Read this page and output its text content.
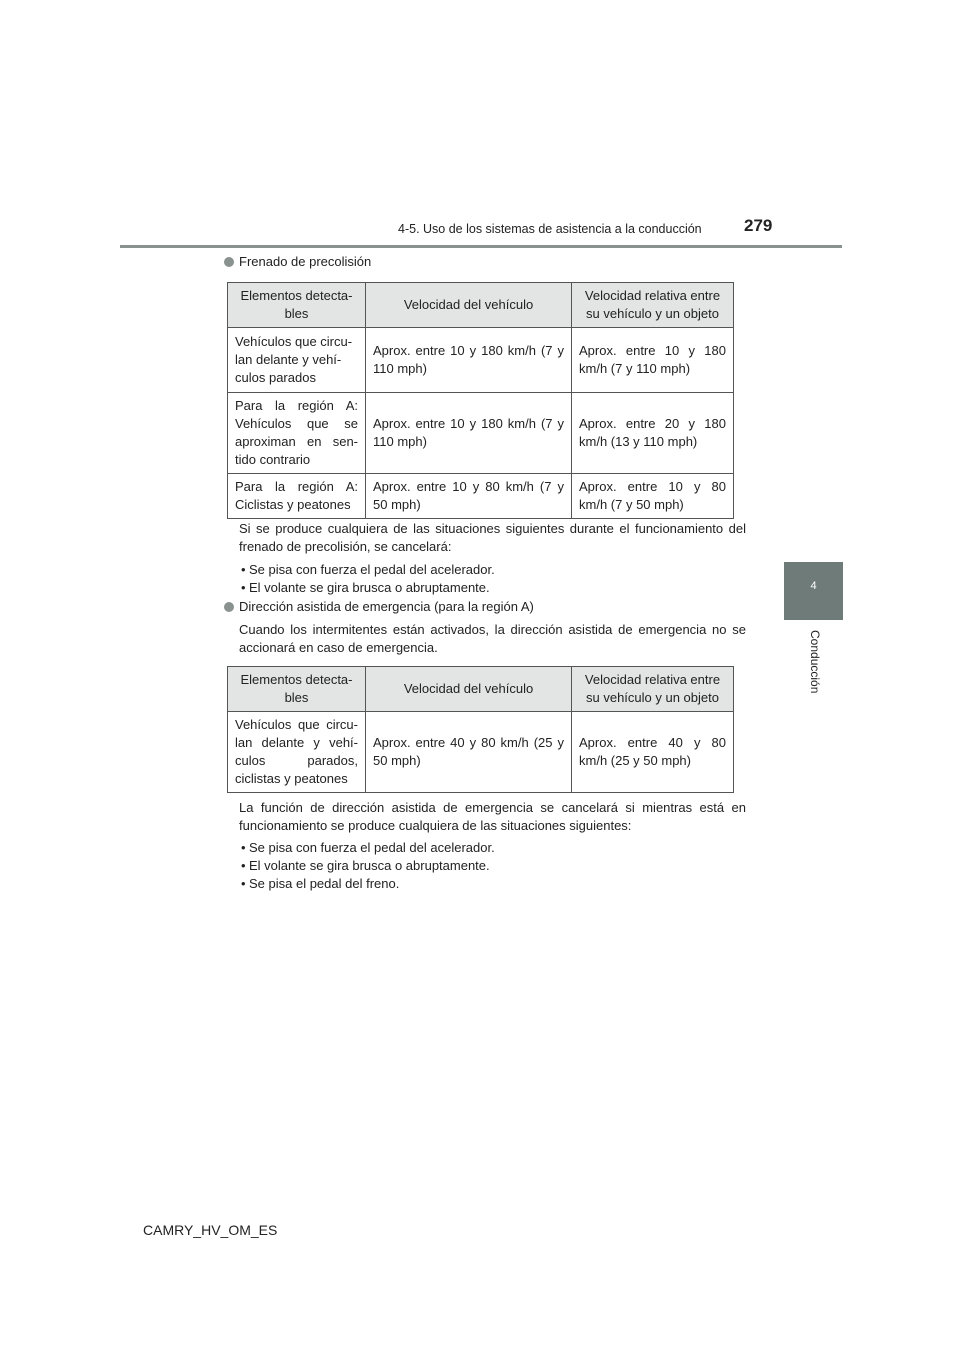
4-5. Uso de los sistemas de asistencia a la conducción 279
4
Conducción
Frenado de precolisión
Elementos detecta-bles	Velocidad del vehículo	Velocidad relativa entre su vehículo y un objeto
Vehículos que circu-lan delante y vehí-culos parados	Aprox. entre 10 y 180 km/h (7 y 110 mph)	Aprox. entre 10 y 180 km/h (7 y 110 mph)
Para la región A: Vehículos que se aproximan en sen-tido contrario	Aprox. entre 10 y 180 km/h (7 y 110 mph)	Aprox. entre 20 y 180 km/h (13 y 110 mph)
Para la región A: Ciclistas y peatones	Aprox. entre 10 y 80 km/h (7 y 50 mph)	Aprox. entre 10 y 80 km/h (7 y 50 mph)
Si se produce cualquiera de las situaciones siguientes durante el funcionamiento del frenado de precolisión, se cancelará:
• Se pisa con fuerza el pedal del acelerador.
• El volante se gira brusca o abruptamente.
Dirección asistida de emergencia (para la región A)
Cuando los intermitentes están activados, la dirección asistida de emergencia no se accionará en caso de emergencia.
Elementos detecta-bles	Velocidad del vehículo	Velocidad relativa entre su vehículo y un objeto
Vehículos que circu-lan delante y vehí-culos parados, ciclistas y peatones	Aprox. entre 40 y 80 km/h (25 y 50 mph)	Aprox. entre 40 y 80 km/h (25 y 50 mph)
La función de dirección asistida de emergencia se cancelará si mientras está en funcionamiento se produce cualquiera de las situaciones siguientes:
• Se pisa con fuerza el pedal del acelerador.
• El volante se gira brusca o abruptamente.
• Se pisa el pedal del freno.
CAMRY_HV_OM_ES
